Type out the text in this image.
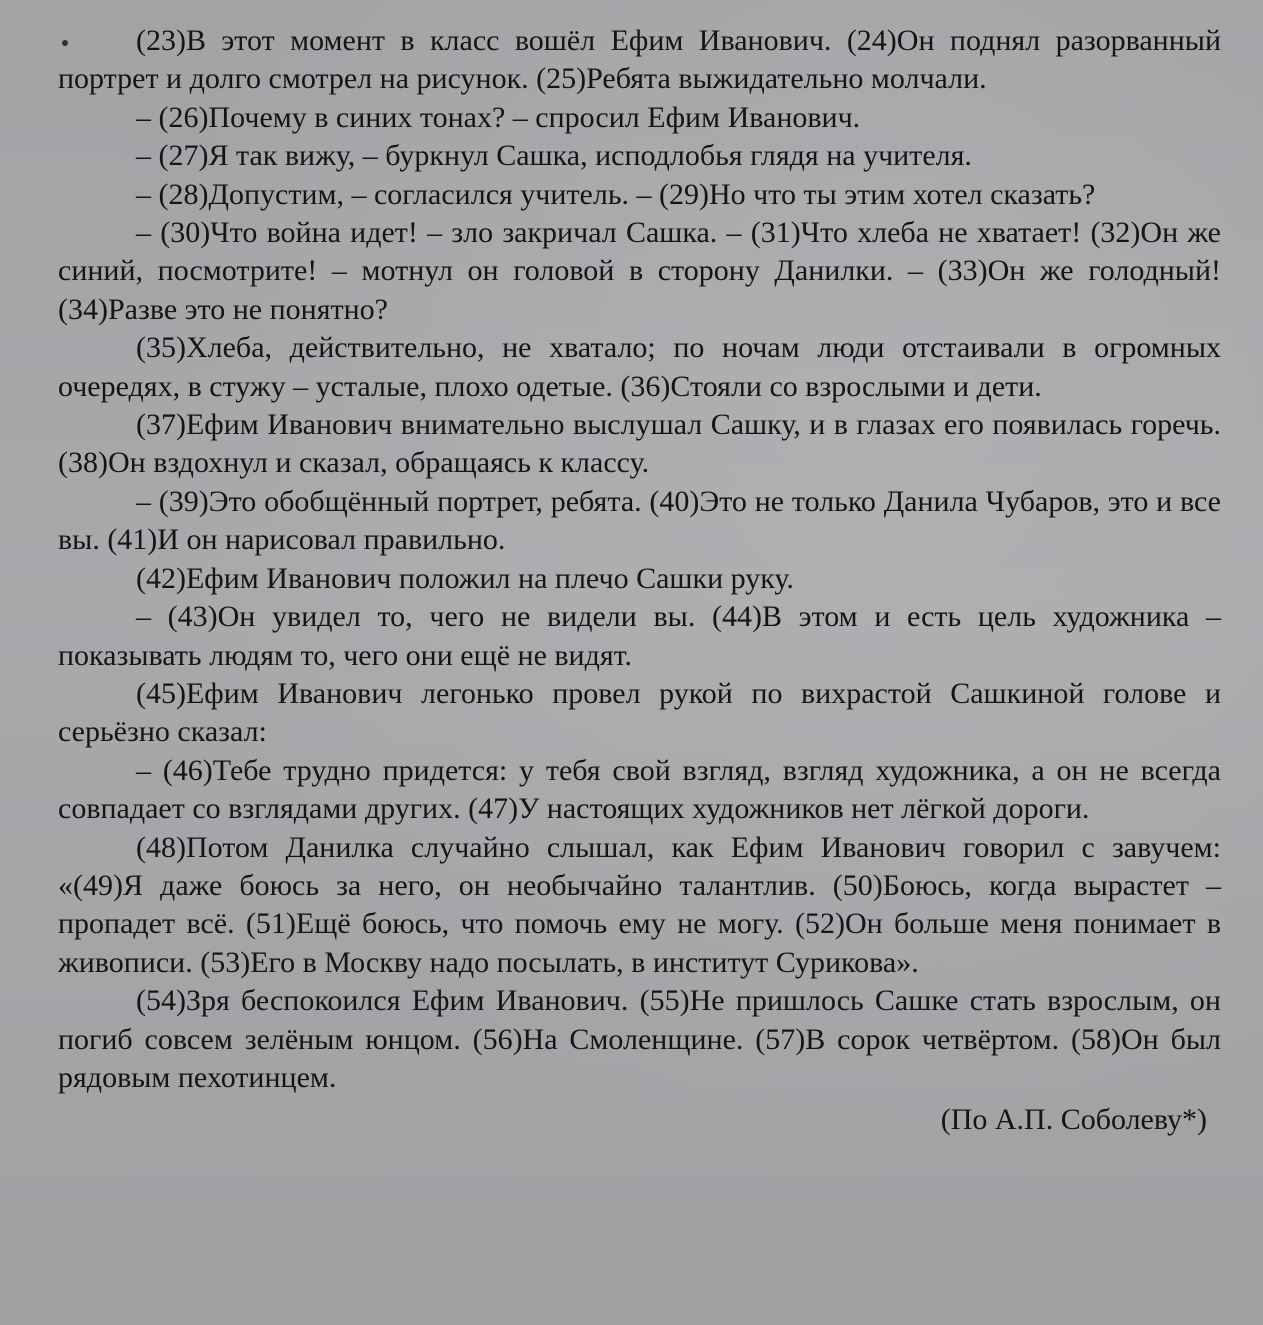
(23)В этот момент в класс вошёл Ефим Иванович. (24)Он поднял разорванный портрет и долго смотрел на рисунок. (25)Ребята выжидательно молчали.

– (26)Почему в синих тонах? – спросил Ефим Иванович.

– (27)Я так вижу, – буркнул Сашка, исподлобья глядя на учителя.

– (28)Допустим, – согласился учитель. – (29)Но что ты этим хотел сказать?

– (30)Что война идет! – зло закричал Сашка. – (31)Что хлеба не хватает! (32)Он же синий, посмотрите! – мотнул он головой в сторону Данилки. – (33)Он же голодный! (34)Разве это не понятно?

(35)Хлеба, действительно, не хватало; по ночам люди отстаивали в огромных очередях, в стужу – усталые, плохо одетые. (36)Стояли со взрослыми и дети.

(37)Ефим Иванович внимательно выслушал Сашку, и в глазах его появилась горечь. (38)Он вздохнул и сказал, обращаясь к классу.

– (39)Это обобщённый портрет, ребята. (40)Это не только Данила Чубаров, это и все вы. (41)И он нарисовал правильно.

(42)Ефим Иванович положил на плечо Сашки руку.

– (43)Он увидел то, чего не видели вы. (44)В этом и есть цель художника – показывать людям то, чего они ещё не видят.

(45)Ефим Иванович легонько провел рукой по вихрастой Сашкиной голове и серьёзно сказал:

– (46)Тебе трудно придется: у тебя свой взгляд, взгляд художника, а он не всегда совпадает со взглядами других. (47)У настоящих художников нет лёгкой дороги.

(48)Потом Данилка случайно слышал, как Ефим Иванович говорил с завучем: «(49)Я даже боюсь за него, он необычайно талантлив. (50)Боюсь, когда вырастет – пропадет всё. (51)Ещё боюсь, что помочь ему не могу. (52)Он больше меня понимает в живописи. (53)Его в Москву надо посылать, в институт Сурикова».

(54)Зря беспокоился Ефим Иванович. (55)Не пришлось Сашке стать взрослым, он погиб совсем зелёным юнцом. (56)На Смоленщине. (57)В сорок четвёртом. (58)Он был рядовым пехотинцем.

(По А.П. Соболеву*)
